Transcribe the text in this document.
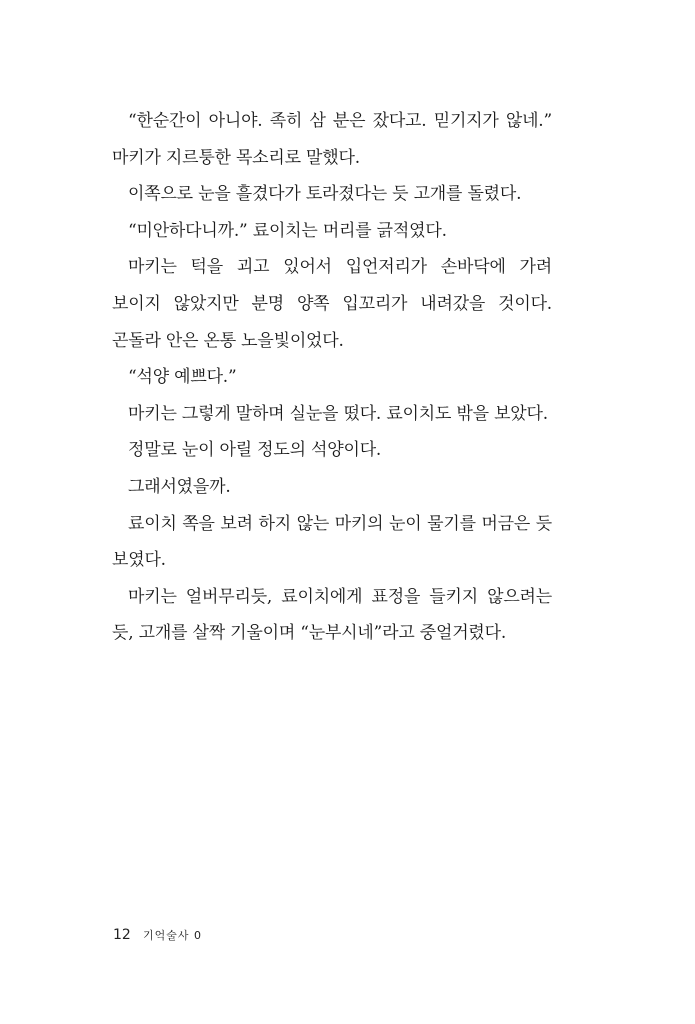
“한순간이 아니야. 족히 삼 분은 잤다고. 믿기지가 않네.” 마키가 지르퉁한 목소리로 말했다.

이쪽으로 눈을 흘겼다가 토라졌다는 듯 고개를 돌렸다.

“미안하다니까.” 료이치는 머리를 긁적였다.

마키는 턱을 괴고 있어서 입언저리가 손바닥에 가려 보이지 않았지만 분명 양쪽 입꼬리가 내려갔을 것이다. 곤돌라 안은 온통 노을빛이었다.

“석양 예쁘다.”

마키는 그렇게 말하며 실눈을 떴다. 료이치도 밖을 보았다.

정말로 눈이 아릴 정도의 석양이다.

그래서였을까.

료이치 쪽을 보려 하지 않는 마키의 눈이 물기를 머금은 듯 보였다.

마키는 얼버무리듯, 료이치에게 표정을 들키지 않으려는 듯, 고개를 살짝 기울이며 “눈부시네”라고 중얼거렸다.

12 기억술사 0
